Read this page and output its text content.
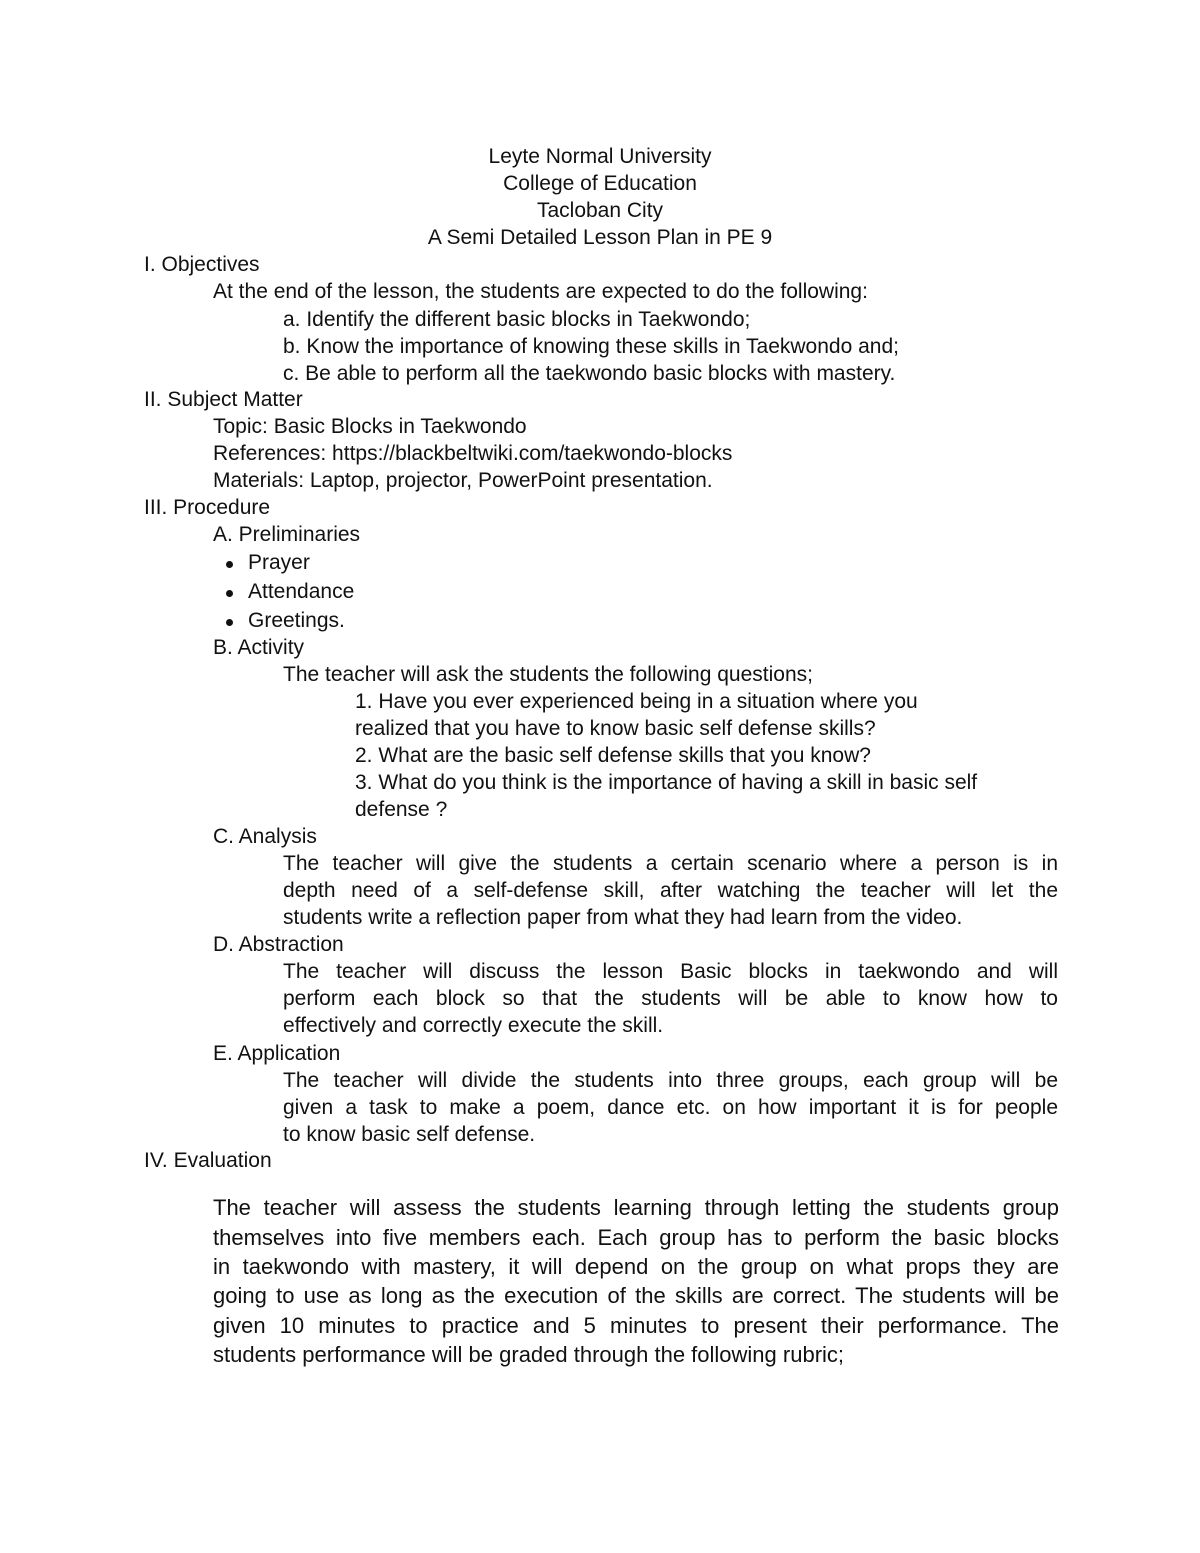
Leyte Normal University
College of Education
Tacloban City
A Semi Detailed Lesson Plan in PE 9
I. Objectives
At the end of the lesson, the students are expected to do the following:
a. Identify the different basic blocks in Taekwondo;
b. Know the importance of knowing these skills in Taekwondo and;
c. Be able to perform all the taekwondo basic blocks with mastery.
II. Subject Matter
Topic: Basic Blocks in Taekwondo
References: https://blackbeltwiki.com/taekwondo-blocks
Materials: Laptop, projector, PowerPoint presentation.
III. Procedure
A. Preliminaries
Prayer
Attendance
Greetings.
B. Activity
The teacher will ask the students the following questions;
1. Have you ever experienced being in a situation where you
realized that you have to know basic self defense skills?
2. What are the basic self defense skills that you know?
3. What do you think is the importance of having a skill in basic self
defense ?
C. Analysis
The teacher will give the students a certain scenario where a person is in
depth need of a self-defense skill, after watching the teacher will let the
students write a reflection paper from what they had learn from the video.
D. Abstraction
The teacher will discuss the lesson Basic blocks in taekwondo and will
perform each block so that the students will be able to know how to
effectively and correctly execute the skill.
E. Application
The teacher will divide the students into three groups, each group will be
given a task to make a poem, dance etc. on how important it is for people
to know basic self defense.
IV. Evaluation
The teacher will assess the students learning through letting the students group
themselves into five members each. Each group has to perform the basic blocks
in taekwondo with mastery, it will depend on the group on what props they are
going to use as long as the execution of the skills are correct. The students will be
given 10 minutes to practice and 5 minutes to present their performance. The
students performance will be graded through the following rubric;
